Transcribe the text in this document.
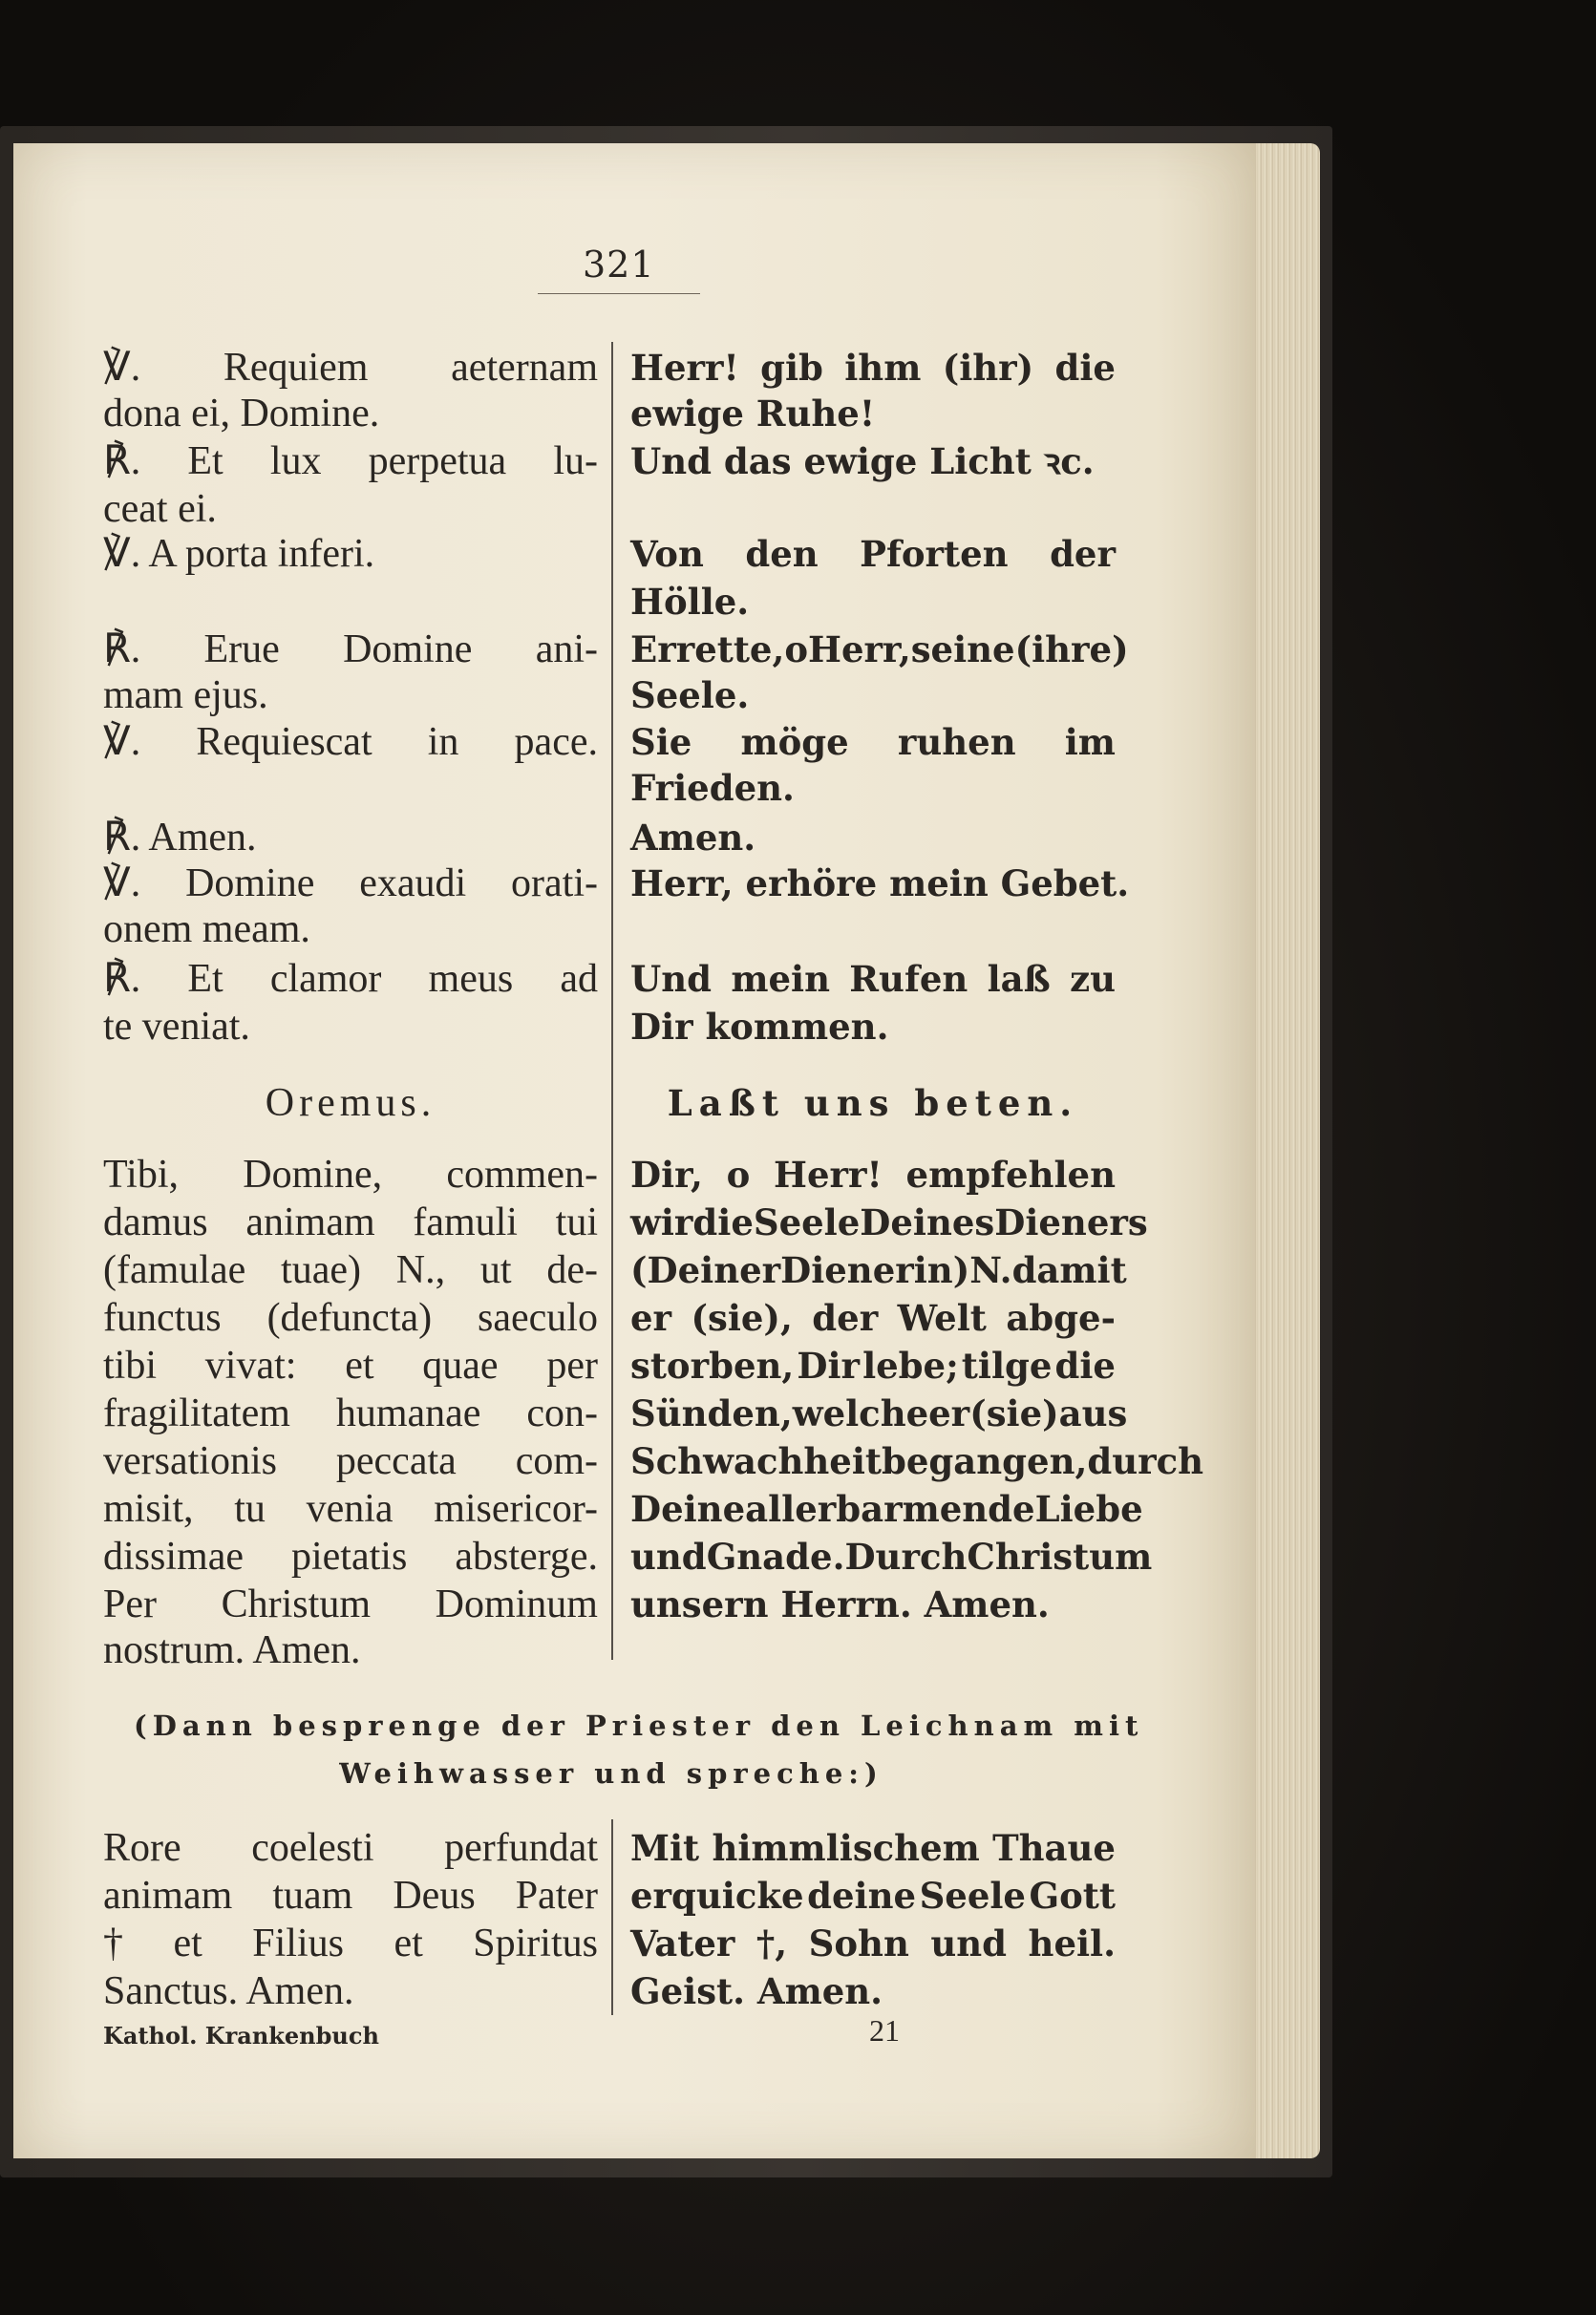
321
℣. Requiem aeternam
dona ei, Domine.
℟. Et lux perpetua lu-
ceat ei.
℣. A porta inferi.
℟. Erue Domine ani-
mam ejus.
℣. Requiescat in pace.
℟. Amen.
℣. Domine exaudi orati-
onem meam.
℟. Et clamor meus ad
te veniat.
Oremus.
Tibi, Domine, commen-
damus animam famuli tui
(famulae tuae) N., ut de-
functus (defuncta) saeculo
tibi vivat: et quae per
fragilitatem humanae con-
versationis peccata com-
misit, tu venia misericor-
dissimae pietatis absterge.
Per Christum Dominum
nostrum. Amen.
Herr! gib ihm (ihr) die
ewige Ruhe!
Und das ewige Licht ꝛc.
Von den Pforten der
Hölle.
Errette, o Herr, seine (ihre)
Seele.
Sie möge ruhen im
Frieden.
Amen.
Herr, erhöre mein Gebet.
Und mein Rufen laß zu
Dir kommen.
Laßt uns beten.
Dir, o Herr! empfehlen
wir die Seele Deines Dieners
(Deiner Dienerin) N. damit
er (sie), der Welt abge-
storben, Dir lebe; tilge die
Sünden, welche er (sie) aus
Schwachheit begangen, durch
Deine allerbarmende Liebe
und Gnade. Durch Christum
unsern Herrn. Amen.
(Dann besprenge der Priester den Leichnam mit
Weihwasser und spreche:)
Rore coelesti perfundat
animam tuam Deus Pater
† et Filius et Spiritus
Sanctus. Amen.
Mit himmlischem Thaue
erquicke deine Seele Gott
Vater †, Sohn und heil.
Geist. Amen.
Kathol. Krankenbuch	21
